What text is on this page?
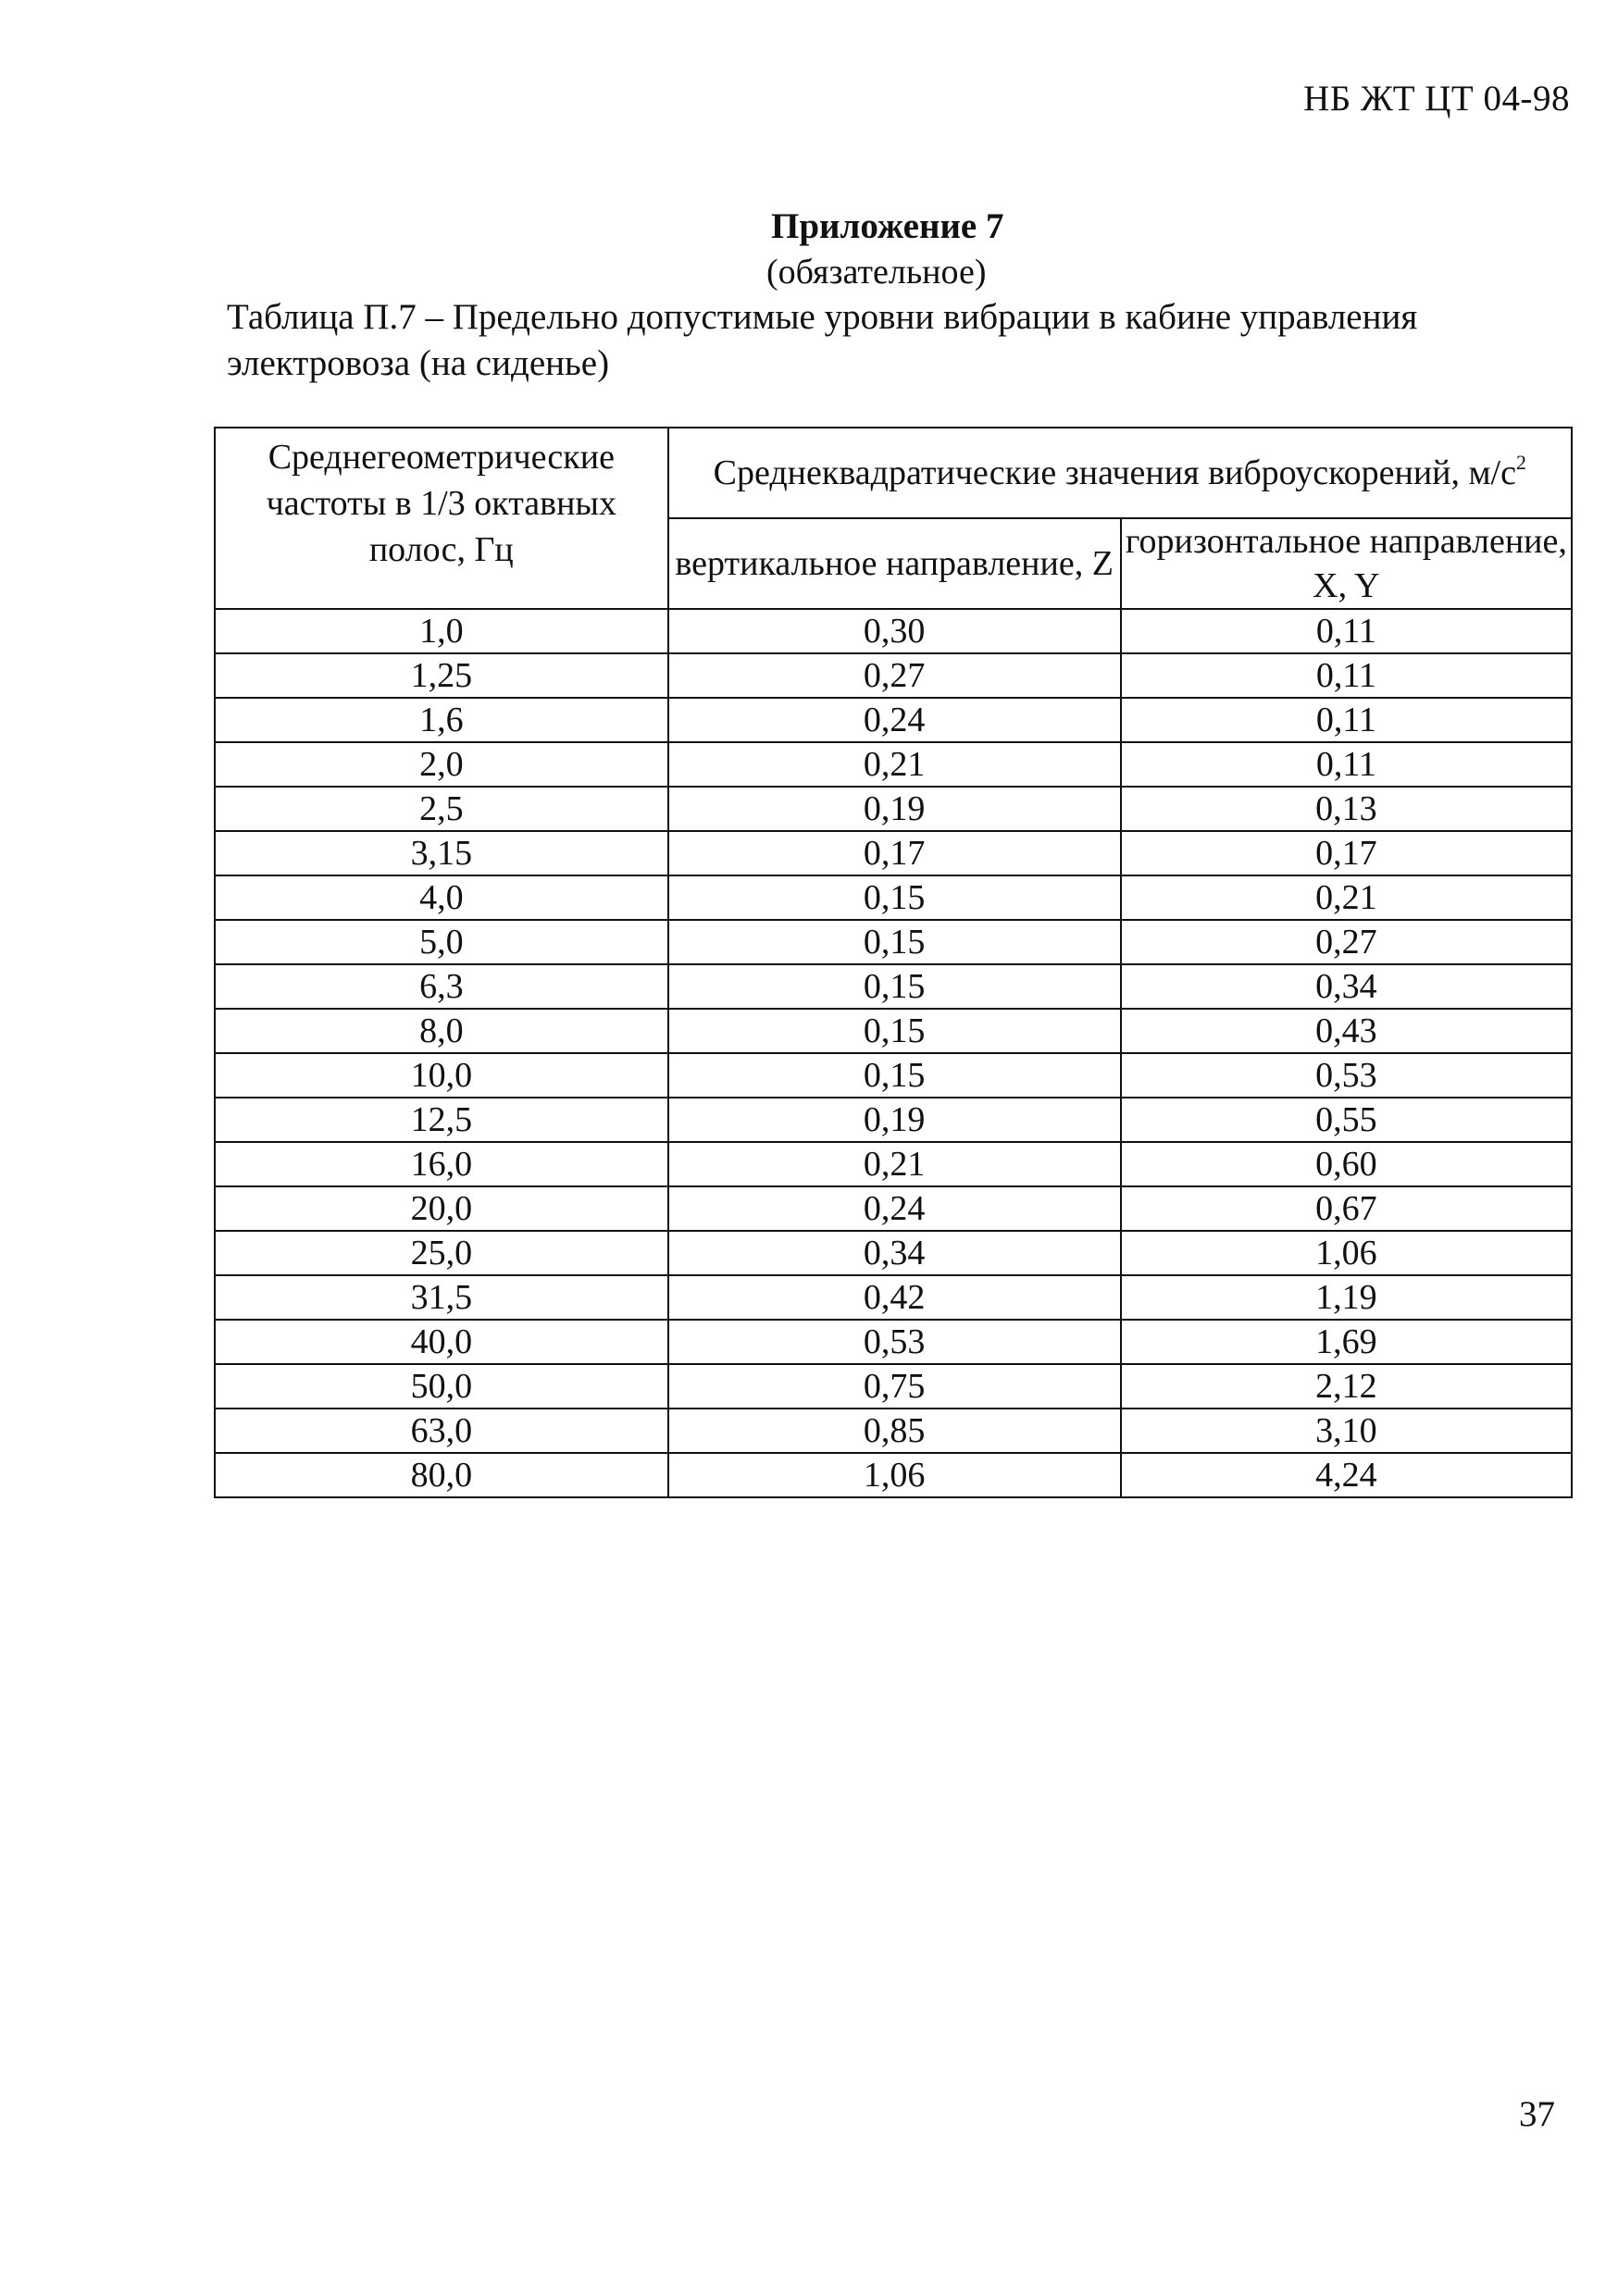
НБ ЖТ ЦТ 04-98
Приложение 7
(обязательное)
Таблица П.7 – Предельно допустимые уровни вибрации в кабине управления электровоза (на сиденье)
Среднегеометрические частоты в 1/3 октавных полос, Гц	Среднеквадратические значения виброускорений, $м/с^2$
	вертикальное направление, Z	горизонтальное направление, X, Y
1,0	0,30	0,11
1,25	0,27	0,11
1,6	0,24	0,11
2,0	0,21	0,11
2,5	0,19	0,13
3,15	0,17	0,17
4,0	0,15	0,21
5,0	0,15	0,27
6,3	0,15	0,34
8,0	0,15	0,43
10,0	0,15	0,53
12,5	0,19	0,55
16,0	0,21	0,60
20,0	0,24	0,67
25,0	0,34	1,06
31,5	0,42	1,19
40,0	0,53	1,69
50,0	0,75	2,12
63,0	0,85	3,10
80,0	1,06	4,24
37
